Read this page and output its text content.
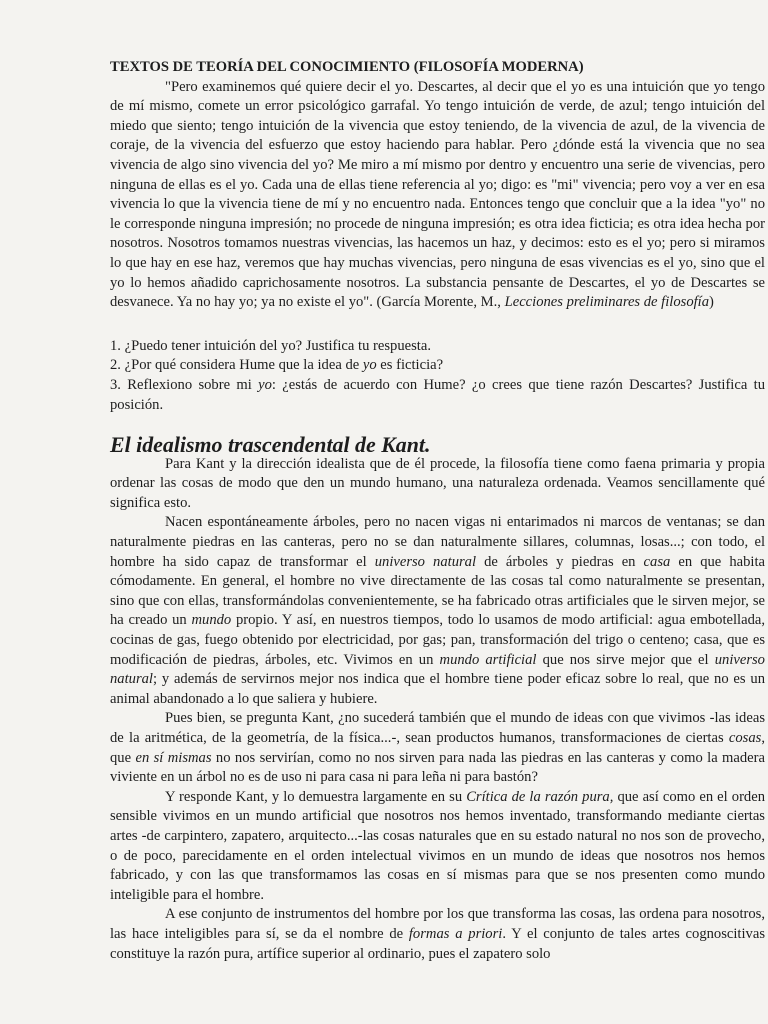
TEXTOS DE TEORÍA DEL CONOCIMIENTO (FILOSOFÍA MODERNA)

"Pero examinemos qué quiere decir el yo. Descartes, al decir que el yo es una intuición que yo tengo de mí mismo, comete un error psicológico garrafal. Yo tengo intuición de verde, de azul; tengo intuición del miedo que siento; tengo intuición de la vivencia que estoy teniendo, de la vivencia de azul, de la vivencia de coraje, de la vivencia del esfuerzo que estoy haciendo para hablar. Pero ¿dónde está la vivencia que no sea vivencia de algo sino vivencia del yo? Me miro a mí mismo por dentro y encuentro una serie de vivencias, pero ninguna de ellas es el yo. Cada una de ellas tiene referencia al yo; digo: es "mi" vivencia; pero voy a ver en esa vivencia lo que la vivencia tiene de mí y no encuentro nada. Entonces tengo que concluir que a la idea "yo" no le corresponde ninguna impresión; no procede de ninguna impresión; es otra idea ficticia; es otra idea hecha por nosotros. Nosotros tomamos nuestras vivencias, las hacemos un haz, y decimos: esto es el yo; pero si miramos lo que hay en ese haz, veremos que hay muchas vivencias, pero ninguna de esas vivencias es el yo, sino que el yo lo hemos añadido caprichosamente nosotros. La substancia pensante de Descartes, el yo de Descartes se desvanece. Ya no hay yo; ya no existe el yo". (García Morente, M., Lecciones preliminares de filosofía)

1. ¿Puedo tener intuición del yo? Justifica tu respuesta.

2. ¿Por qué considera Hume que la idea de yo es ficticia?

3. Reflexiono sobre mi yo: ¿estás de acuerdo con Hume? ¿o crees que tiene razón Descartes? Justifica tu posición.

El idealismo trascendental de Kant.

Para Kant y la dirección idealista que de él procede, la filosofía tiene como faena primaria y propia ordenar las cosas de modo que den un mundo humano, una naturaleza ordenada. Veamos sencillamente qué significa esto.

Nacen espontáneamente árboles, pero no nacen vigas ni entarimados ni marcos de ventanas; se dan naturalmente piedras en las canteras, pero no se dan naturalmente sillares, columnas, losas...; con todo, el hombre ha sido capaz de transformar el universo natural de árboles y piedras en casa en que habita cómodamente. En general, el hombre no vive directamente de las cosas tal como naturalmente se presentan, sino que con ellas, transformándolas convenientemente, se ha fabricado otras artificiales que le sirven mejor, se ha creado un mundo propio. Y así, en nuestros tiempos, todo lo usamos de modo artificial: agua embotellada, cocinas de gas, fuego obtenido por electricidad, por gas; pan, transformación del trigo o centeno; casa, que es modificación de piedras, árboles, etc. Vivimos en un mundo artificial que nos sirve mejor que el universo natural; y además de servirnos mejor nos indica que el hombre tiene poder eficaz sobre lo real, que no es un animal abandonado a lo que saliera y hubiere.

Pues bien, se pregunta Kant, ¿no sucederá también que el mundo de ideas con que vivimos -las ideas de la aritmética, de la geometría, de la física...-, sean productos humanos, transformaciones de ciertas cosas, que en sí mismas no nos servirían, como no nos sirven para nada las piedras en las canteras y como la madera viviente en un árbol no es de uso ni para casa ni para leña ni para bastón?

Y responde Kant, y lo demuestra largamente en su Crítica de la razón pura, que así como en el orden sensible vivimos en un mundo artificial que nosotros nos hemos inventado, transformando mediante ciertas artes -de carpintero, zapatero, arquitecto...-las cosas naturales que en su estado natural no nos son de provecho, o de poco, parecidamente en el orden intelectual vivimos en un mundo de ideas que nosotros nos hemos fabricado, y con las que transformamos las cosas en sí mismas para que se nos presenten como mundo inteligible para el hombre.

A ese conjunto de instrumentos del hombre por los que transforma las cosas, las ordena para nosotros, las hace inteligibles para sí, se da el nombre de formas a priori. Y el conjunto de tales artes cognoscitivas constituye la razón pura, artífice superior al ordinario, pues el zapatero solo
